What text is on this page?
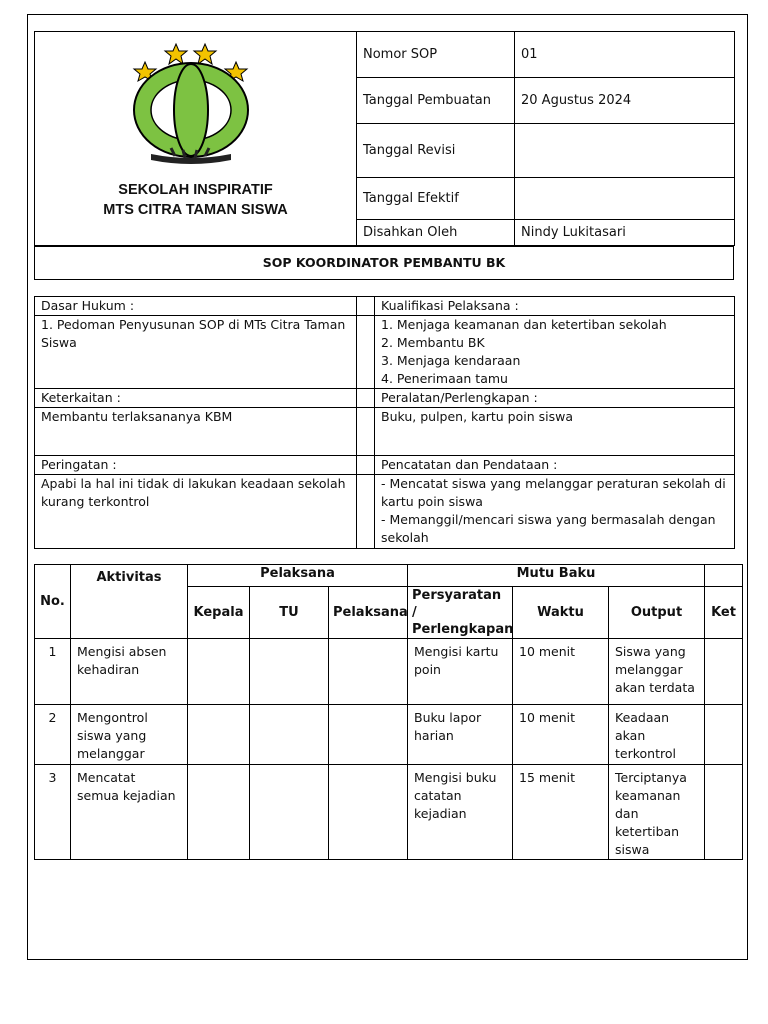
SEKOLAH INSPIRATIF
MTS CITRA TAMAN SISWA	Nomor SOP	01
	Tanggal Pembuatan	20 Agustus 2024
	Tanggal Revisi	
	Tanggal Efektif	
	Disahkan Oleh	Nindy Lukitasari
SOP KOORDINATOR PEMBANTU BK
Dasar Hukum :		Kualifikasi Pelaksana :
1. Pedoman Penyusunan SOP di MTs Citra Taman Siswa		1. Menjaga keamanan dan ketertiban sekolah
2. Membantu BK
3. Menjaga kendaraan
4. Penerimaan tamu

Keterkaitan :		Peralatan/Perlengkapan :
Membantu terlaksananya KBM		Buku, pulpen, kartu poin siswa
Peringatan :		Pencatatan dan Pendataan :
Apabi la hal ini tidak di lakukan keadaan sekolah kurang terkontrol		- Mencatat siswa yang melanggar peraturan sekolah di kartu poin siswa
- Memanggil/mencari siswa yang bermasalah dengan sekolah
No.	Aktivitas	Pelaksana			Mutu Baku			
		Kepala	TU	Pelaksana	Persyaratan / Perlengkapan	Waktu	Output	Ket
1	Mengisi absen kehadiran				Mengisi kartu poin	10 menit	Siswa yang melanggar akan terdata	
2	Mengontrol siswa yang melanggar				Buku lapor harian	10 menit	Keadaan akan terkontrol	
3	Mencatat semua kejadian				Mengisi buku catatan kejadian	15 menit	Terciptanya keamanan dan ketertiban siswa	
